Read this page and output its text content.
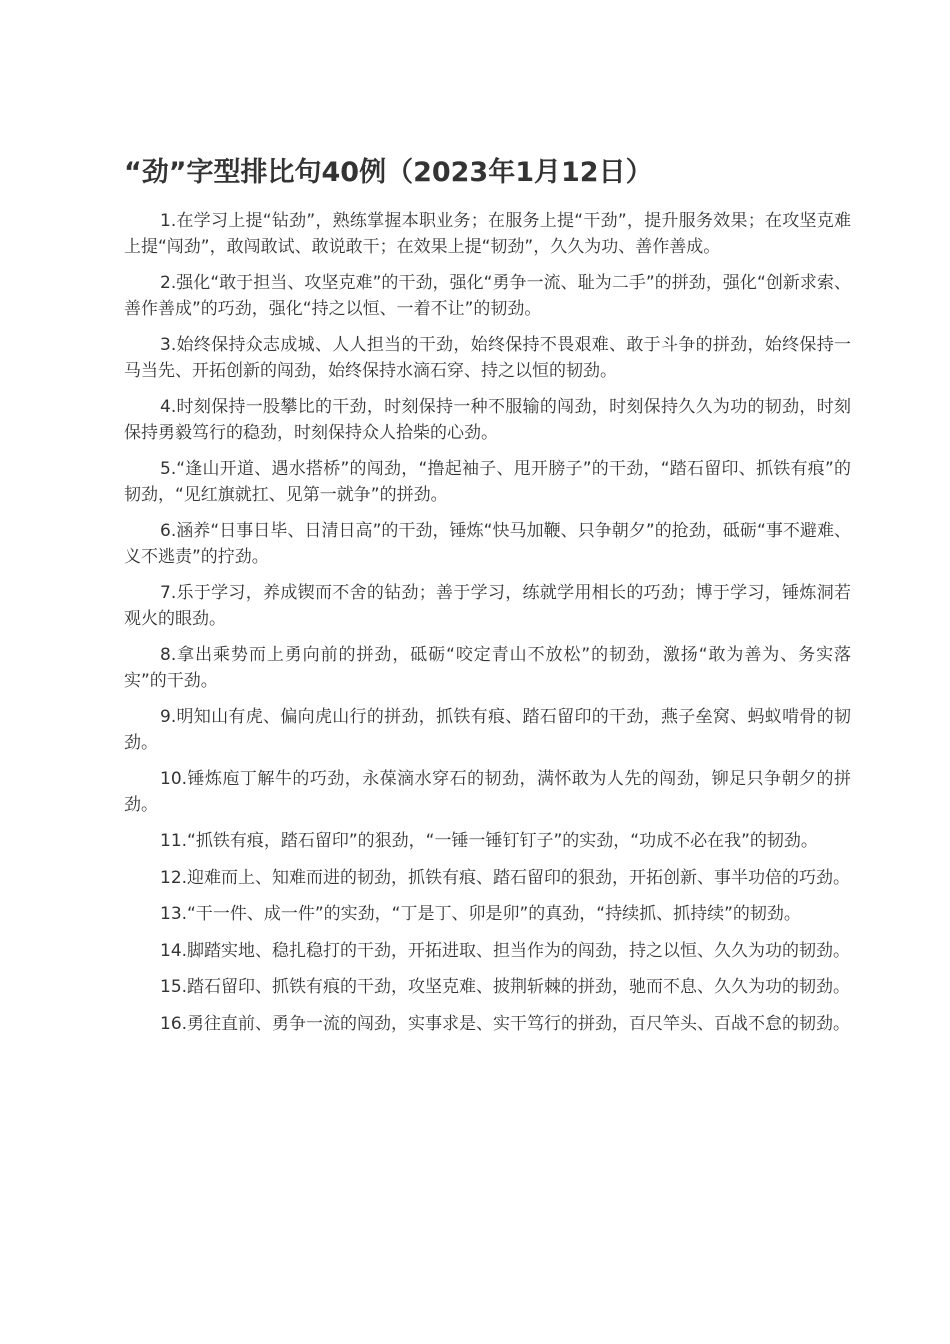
“劲”字型排比句40例（2023年1月12日）

1.在学习上提“钻劲”，熟练掌握本职业务；在服务上提“干劲”，提升服务效果；在攻坚克难上提“闯劲”，敢闯敢试、敢说敢干；在效果上提“韧劲”，久久为功、善作善成。

2.强化“敢于担当、攻坚克难”的干劲，强化“勇争一流、耻为二手”的拼劲，强化“创新求索、善作善成”的巧劲，强化“持之以恒、一着不让”的韧劲。

3.始终保持众志成城、人人担当的干劲，始终保持不畏艰难、敢于斗争的拼劲，始终保持一马当先、开拓创新的闯劲，始终保持水滴石穿、持之以恒的韧劲。

4.时刻保持一股攀比的干劲，时刻保持一种不服输的闯劲，时刻保持久久为功的韧劲，时刻保持勇毅笃行的稳劲，时刻保持众人拾柴的心劲。

5.“逢山开道、遇水搭桥”的闯劲，“撸起袖子、甩开膀子”的干劲，“踏石留印、抓铁有痕”的韧劲，“见红旗就扛、见第一就争”的拼劲。

6.涵养“日事日毕、日清日高”的干劲，锤炼“快马加鞭、只争朝夕”的抢劲，砥砺“事不避难、义不逃责”的拧劲。

7.乐于学习，养成锲而不舍的钻劲；善于学习，练就学用相长的巧劲；博于学习，锤炼洞若观火的眼劲。

8.拿出乘势而上勇向前的拼劲，砥砺“咬定青山不放松”的韧劲，激扬“敢为善为、务实落实”的干劲。

9.明知山有虎、偏向虎山行的拼劲，抓铁有痕、踏石留印的干劲，燕子垒窝、蚂蚁啃骨的韧劲。

10.锤炼庖丁解牛的巧劲，永葆滴水穿石的韧劲，满怀敢为人先的闯劲，铆足只争朝夕的拼劲。

11.“抓铁有痕，踏石留印”的狠劲，“一锤一锤钉钉子”的实劲，“功成不必在我”的韧劲。

12.迎难而上、知难而进的韧劲，抓铁有痕、踏石留印的狠劲，开拓创新、事半功倍的巧劲。

13.“干一件、成一件”的实劲，“丁是丁、卯是卯”的真劲，“持续抓、抓持续”的韧劲。

14.脚踏实地、稳扎稳打的干劲，开拓进取、担当作为的闯劲，持之以恒、久久为功的韧劲。

15.踏石留印、抓铁有痕的干劲，攻坚克难、披荆斩棘的拼劲，驰而不息、久久为功的韧劲。

16.勇往直前、勇争一流的闯劲，实事求是、实干笃行的拼劲，百尺竿头、百战不怠的韧劲。
